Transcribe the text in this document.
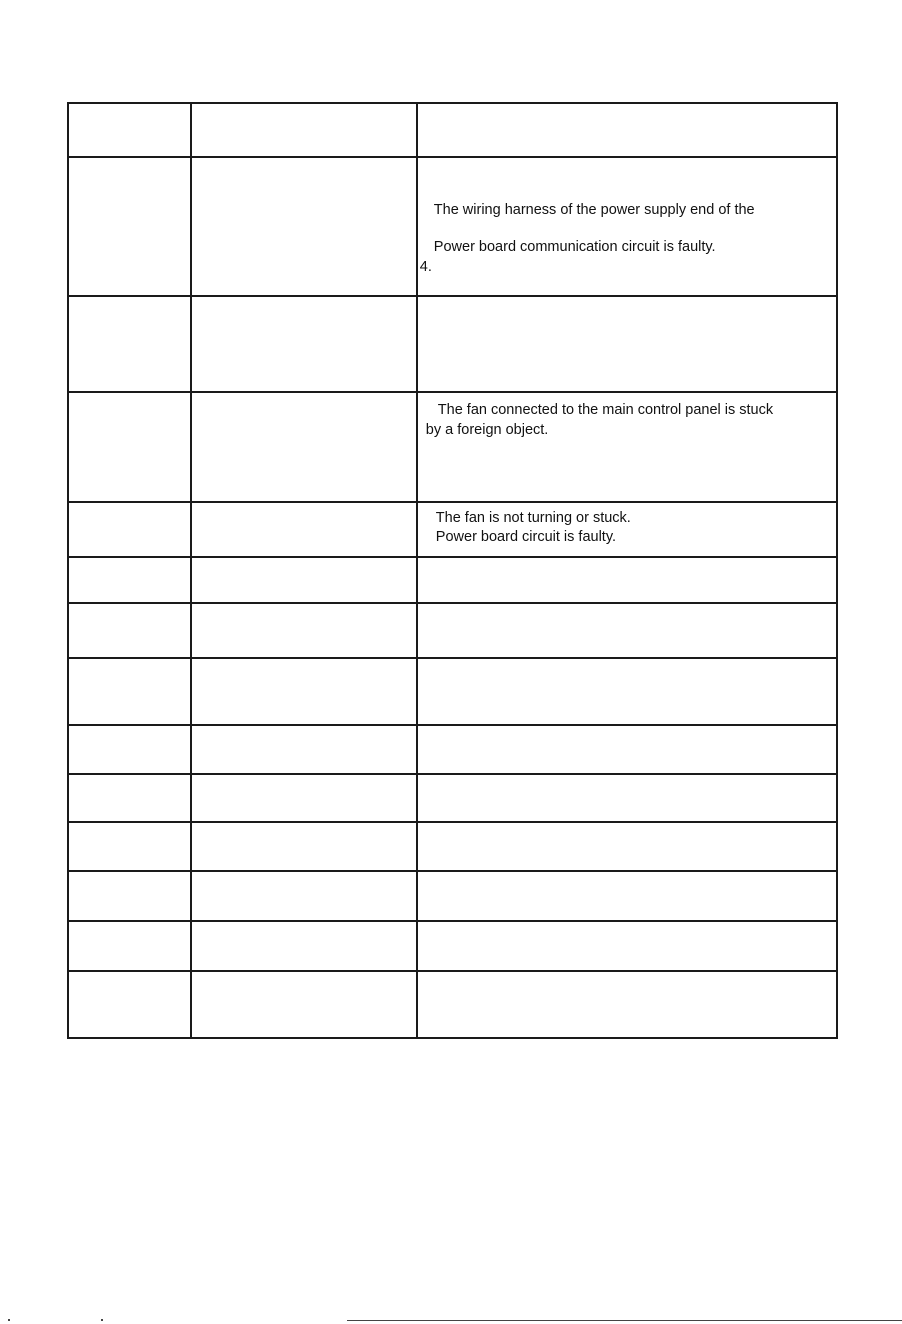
		The wiring harness of the power supply end of the
Power board communication circuit is faulty.
4.

		The fan connected to the main control panel is stuck
by a foreign object.

		The fan is not turning or stuck.
Power board circuit is faulty.
